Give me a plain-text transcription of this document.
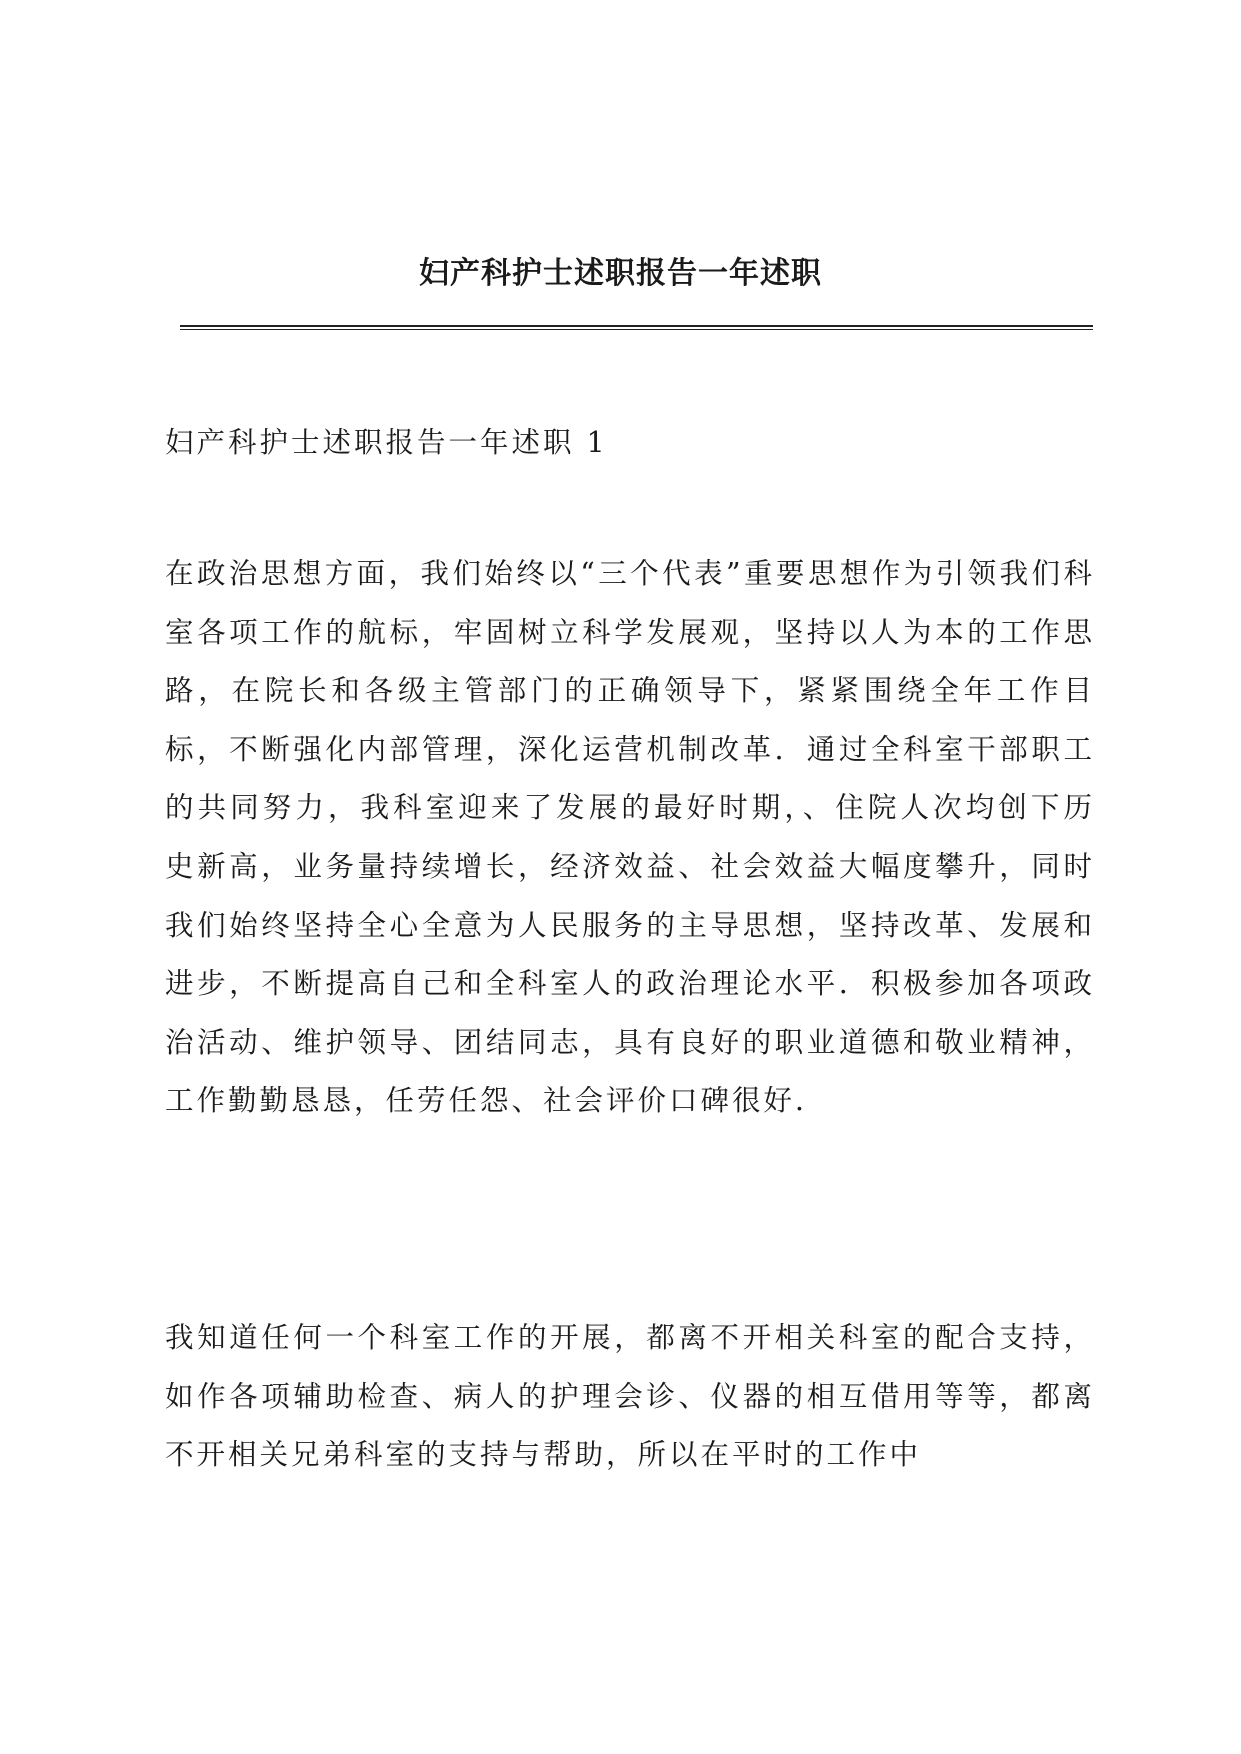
妇产科护士述职报告一年述职
妇产科护士述职报告一年述职 1

在政治思想方面，我们始终以“三个代表”重要思想作为引领我们科室各项工作的航标，牢固树立科学发展观，坚持以人为本的工作思路，在院长和各级主管部门的正确领导下，紧紧围绕全年工作目标，不断强化内部管理，深化运营机制改革．通过全科室干部职工的共同努力，我科室迎来了发展的最好时期，、住院人次均创下历史新高，业务量持续增长，经济效益、社会效益大幅度攀升，同时我们始终坚持全心全意为人民服务的主导思想，坚持改革、发展和进步，不断提高自己和全科室人的政治理论水平．积极参加各项政治活动、维护领导、团结同志，具有良好的职业道德和敬业精神，工作勤勤恳恳，任劳任怨、社会评价口碑很好．

我知道任何一个科室工作的开展，都离不开相关科室的配合支持，如作各项辅助检查、病人的护理会诊、仪器的相互借用等等，都离不开相关兄弟科室的支持与帮助，所以在平时的工作中
